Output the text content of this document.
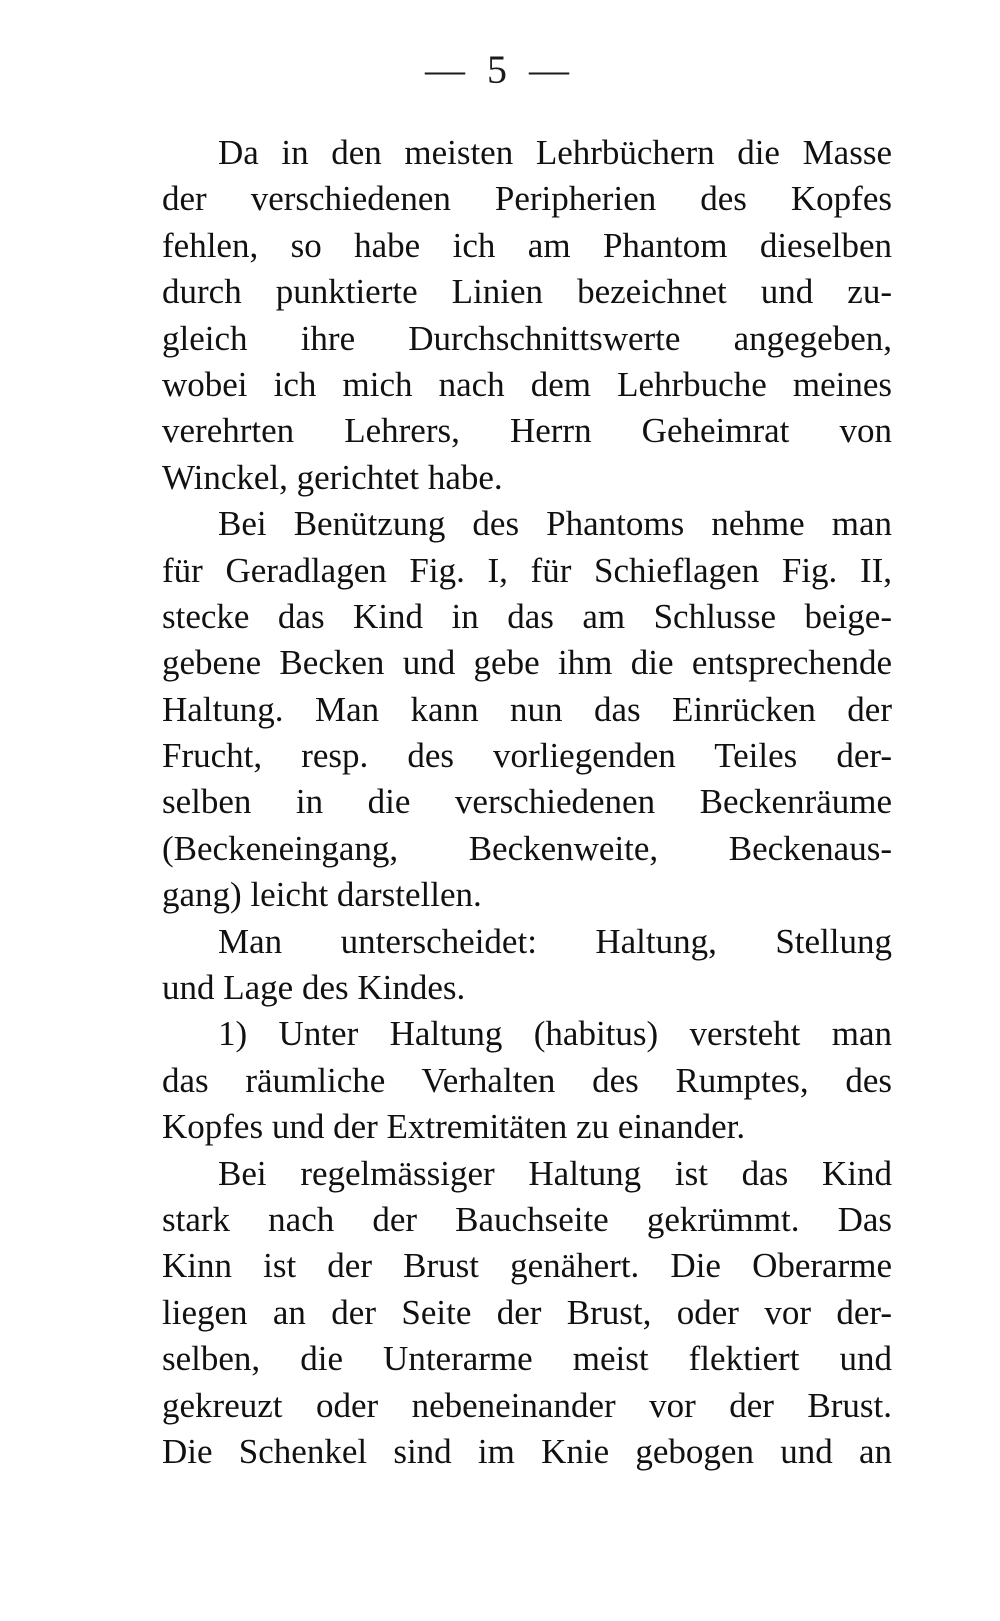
— 5 —
Da in den meisten Lehrbüchern die Masse
der verschiedenen Peripherien des Kopfes
fehlen, so habe ich am Phantom dieselben
durch punktierte Linien bezeichnet und zu-
gleich ihre Durchschnittswerte angegeben,
wobei ich mich nach dem Lehrbuche meines
verehrten Lehrers, Herrn Geheimrat von
Winckel, gerichtet habe.
Bei Benützung des Phantoms nehme man
für Geradlagen Fig. I, für Schieflagen Fig. II,
stecke das Kind in das am Schlusse beige-
gebene Becken und gebe ihm die entsprechende
Haltung. Man kann nun das Einrücken der
Frucht, resp. des vorliegenden Teiles der-
selben in die verschiedenen Beckenräume
(Beckeneingang, Beckenweite, Beckenaus-
gang) leicht darstellen.
Man unterscheidet: Haltung, Stellung
und Lage des Kindes.
1) Unter Haltung (habitus) versteht man
das räumliche Verhalten des Rumptes, des
Kopfes und der Extremitäten zu einander.
Bei regelmässiger Haltung ist das Kind
stark nach der Bauchseite gekrümmt. Das
Kinn ist der Brust genähert. Die Oberarme
liegen an der Seite der Brust, oder vor der-
selben, die Unterarme meist flektiert und
gekreuzt oder nebeneinander vor der Brust.
Die Schenkel sind im Knie gebogen und an
